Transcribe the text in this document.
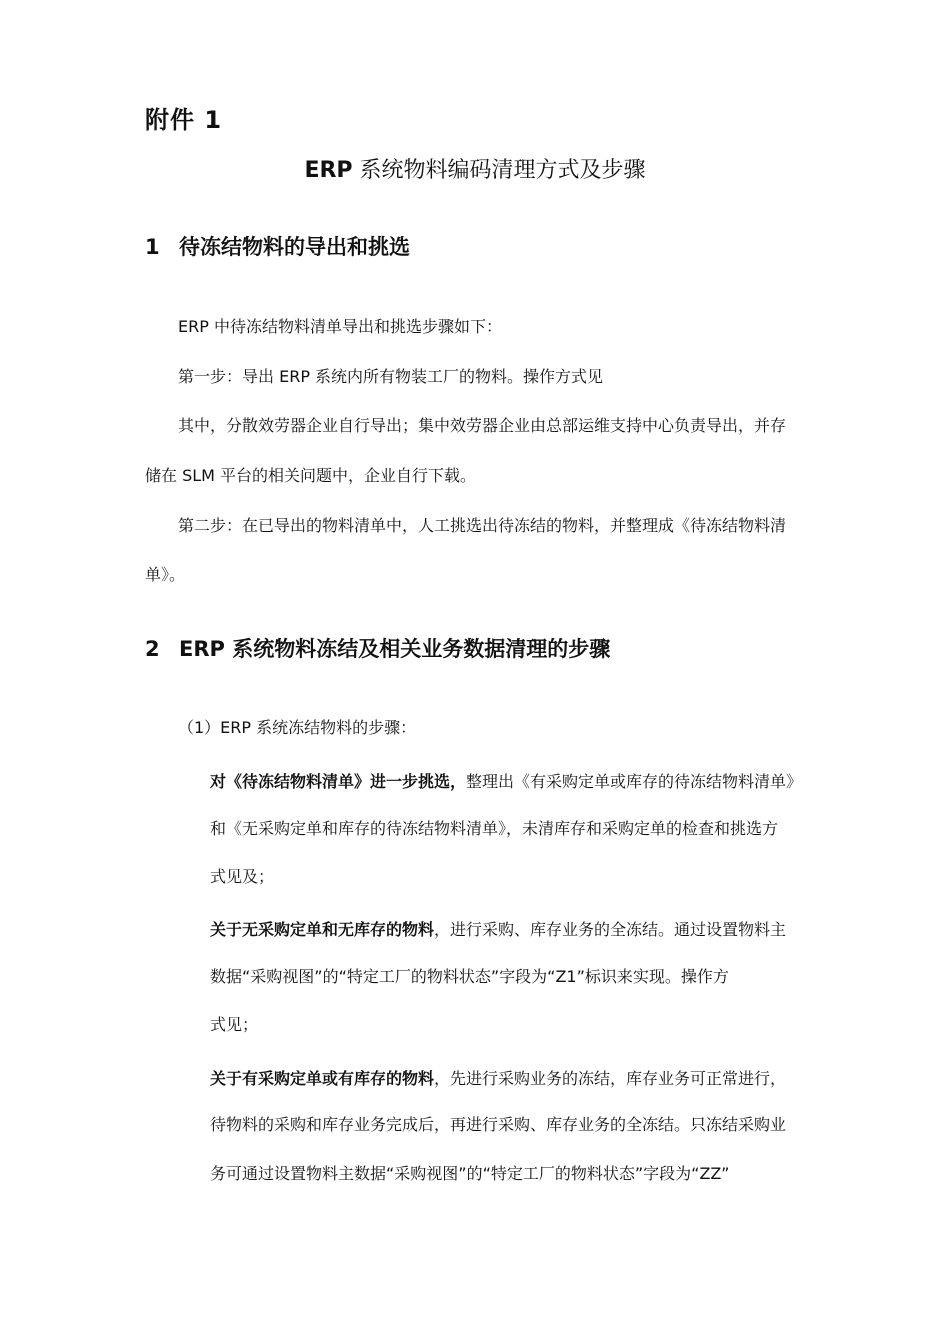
附件 1
ERP 系统物料编码清理方式及步骤
1 待冻结物料的导出和挑选

ERP 中待冻结物料清单导出和挑选步骤如下：

第一步：导出 ERP 系统内所有物装工厂的物料。操作方式见

其中，分散效劳器企业自行导出；集中效劳器企业由总部运维支持中心负责导出，并存

储在 SLM 平台的相关问题中，企业自行下载。

第二步：在已导出的物料清单中，人工挑选出待冻结的物料，并整理成《待冻结物料清

单》。

2 ERP 系统物料冻结及相关业务数据清理的步骤

（1）ERP 系统冻结物料的步骤：

对《待冻结物料清单》进一步挑选，整理出《有采购定单或库存的待冻结物料清单》

和《无采购定单和库存的待冻结物料清单》，未清库存和采购定单的检查和挑选方

式见及；

关于无采购定单和无库存的物料，进行采购、库存业务的全冻结。通过设置物料主

数据“采购视图”的“特定工厂的物料状态”字段为“Z1”标识来实现。操作方

式见；

关于有采购定单或有库存的物料，先进行采购业务的冻结，库存业务可正常进行，

待物料的采购和库存业务完成后，再进行采购、库存业务的全冻结。只冻结采购业

务可通过设置物料主数据“采购视图”的“特定工厂的物料状态”字段为“ZZ”
